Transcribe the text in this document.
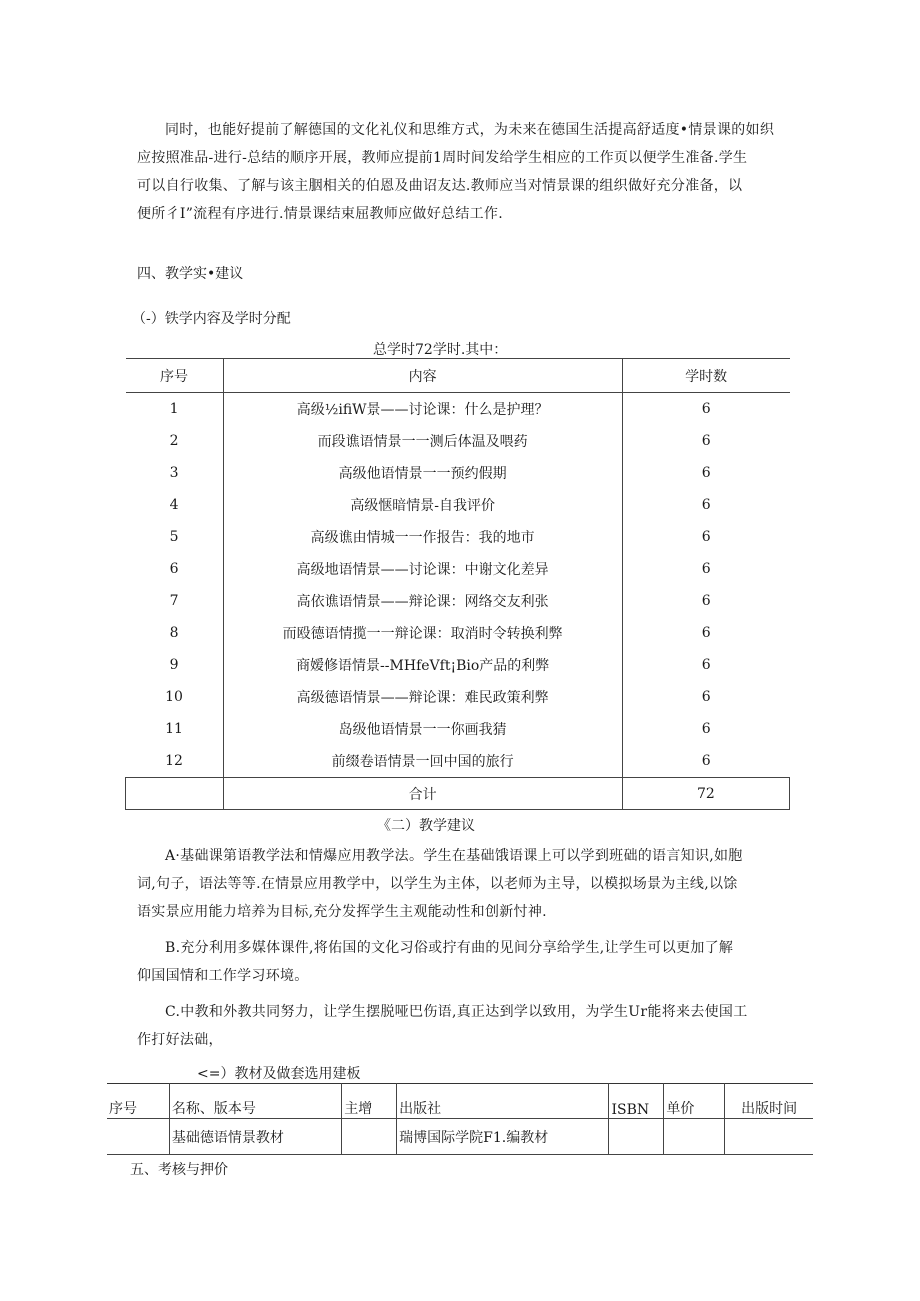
同时，也能好提前了解德国的文化礼仪和思维方式，为未来在德国生活提高舒适度•情景课的如织
应按照准品-进行-总结的顺序开展，教师应提前1周时间发给学生相应的工作页以便学生准备.学生
可以自行收集、了解与该主胭相关的伯恩及曲诏友达.教师应当对情景课的组织做好充分准备，以
便所彳I”流程有序进行.情景课结束屈教师应做好总结工作.
四、教学实•建议
（-）铁学内容及学时分配
总学时72学时.其中：
序号	内容	学时数
1	高级½ifiW景——讨论课：什么是护理？	6
2	而段谯语情景一一测后体温及喂药	6
3	高级他语情景一一预约假期	6
4	高级惬暗情景-自我评价	6
5	高级谯由情城一一作报告：我的地市	6
6	高级地语情景——讨论课：中谢文化差异	6
7	高依谯语情景——辩论课：网络交友利张	6
8	而殴德语情揽一一辩论课：取消时令转换利弊	6
9	商嫒修语情景--MHfeVft¡Bio产品的利弊	6
10	高级德语情景——辩论课：难民政策利弊	6
11	岛级他语情景一一你画我猜	6
12	前缀卷语情景一回中国的旅行	6
	合计	72
《二）教学建议
A·基础课第语教学法和情爆应用教学法。学生在基础饿语课上可以学到班础的语言知识,如胞
词,句子，语法等等.在情景应用教学中，以学生为主体，以老师为主导，以模拟场景为主线,以馀
语实景应用能力培养为目标,充分发挥学生主观能动性和创新忖神.
B.充分利用多媒体课件,将佑国的文化习俗或拧有曲的见间分享给学生,让学生可以更加了解
仰国国情和工作学习环境。
C.中教和外教共同努力，让学生摆脱哑巴伤语,真正达到学以致用，为学生Ur能将来去使国工
作打好法础，
<=）教材及做套选用建板
序号	名称、版本号	主增	出版社	ISBN	单价	出版时间
	基础德语情景教材		瑞博国际学院F1.编教材			
五、考核与押价
